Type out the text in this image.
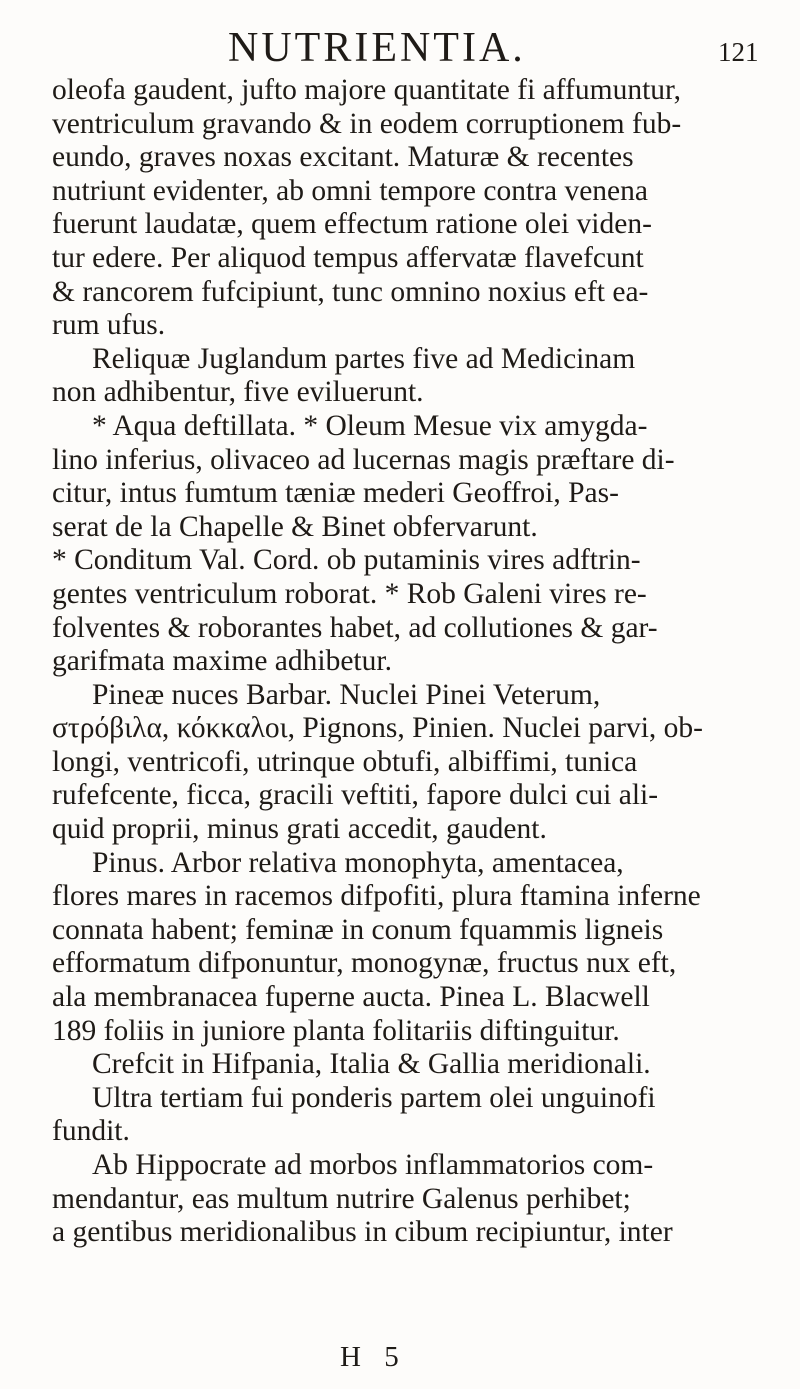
NUTRIENTIA.	121
oleofa gaudent, jufto majore quantitate fi affumuntur,
ventriculum gravando & in eodem corruptionem fub-
eundo, graves noxas excitant. Maturæ & recentes
nutriunt evidenter, ab omni tempore contra venena
fuerunt laudatæ, quem effectum ratione olei viden-
tur edere. Per aliquod tempus affervatæ flavefcunt
& rancorem fufcipiunt, tunc omnino noxius eft ea-
rum ufus.
Reliquæ Juglandum partes five ad Medicinam
non adhibentur, five eviluerunt.
* Aqua deftillata. * Oleum Mesue vix amygda-
lino inferius, olivaceo ad lucernas magis præftare di-
citur, intus fumtum tæniæ mederi Geoffroi, Pas-
serat de la Chapelle & Binet obfervarunt.
* Conditum Val. Cord. ob putaminis vires adftrin-
gentes ventriculum roborat. * Rob Galeni vires re-
folventes & roborantes habet, ad collutiones & gar-
garifmata maxime adhibetur.
Pineæ nuces Barbar. Nuclei Pinei Veterum,
στρόβιλα, κόκκαλοι, Pignons, Pinien. Nuclei parvi, ob-
longi, ventricofi, utrinque obtufi, albiffimi, tunica
rufefcente, ficca, gracili veftiti, fapore dulci cui ali-
quid proprii, minus grati accedit, gaudent.
Pinus. Arbor relativa monophyta, amentacea,
flores mares in racemos difpofiti, plura ftamina inferne
connata habent; feminæ in conum fquammis ligneis
efformatum difponuntur, monogynæ, fructus nux eft,
ala membranacea fuperne aucta. Pinea L. Blacwell
189 foliis in juniore planta folitariis diftinguitur.
Crefcit in Hifpania, Italia & Gallia meridionali.
Ultra tertiam fui ponderis partem olei unguinofi
fundit.
Ab Hippocrate ad morbos inflammatorios com-
mendantur, eas multum nutrire Galenus perhibet;
a gentibus meridionalibus in cibum recipiuntur, inter
H 5
